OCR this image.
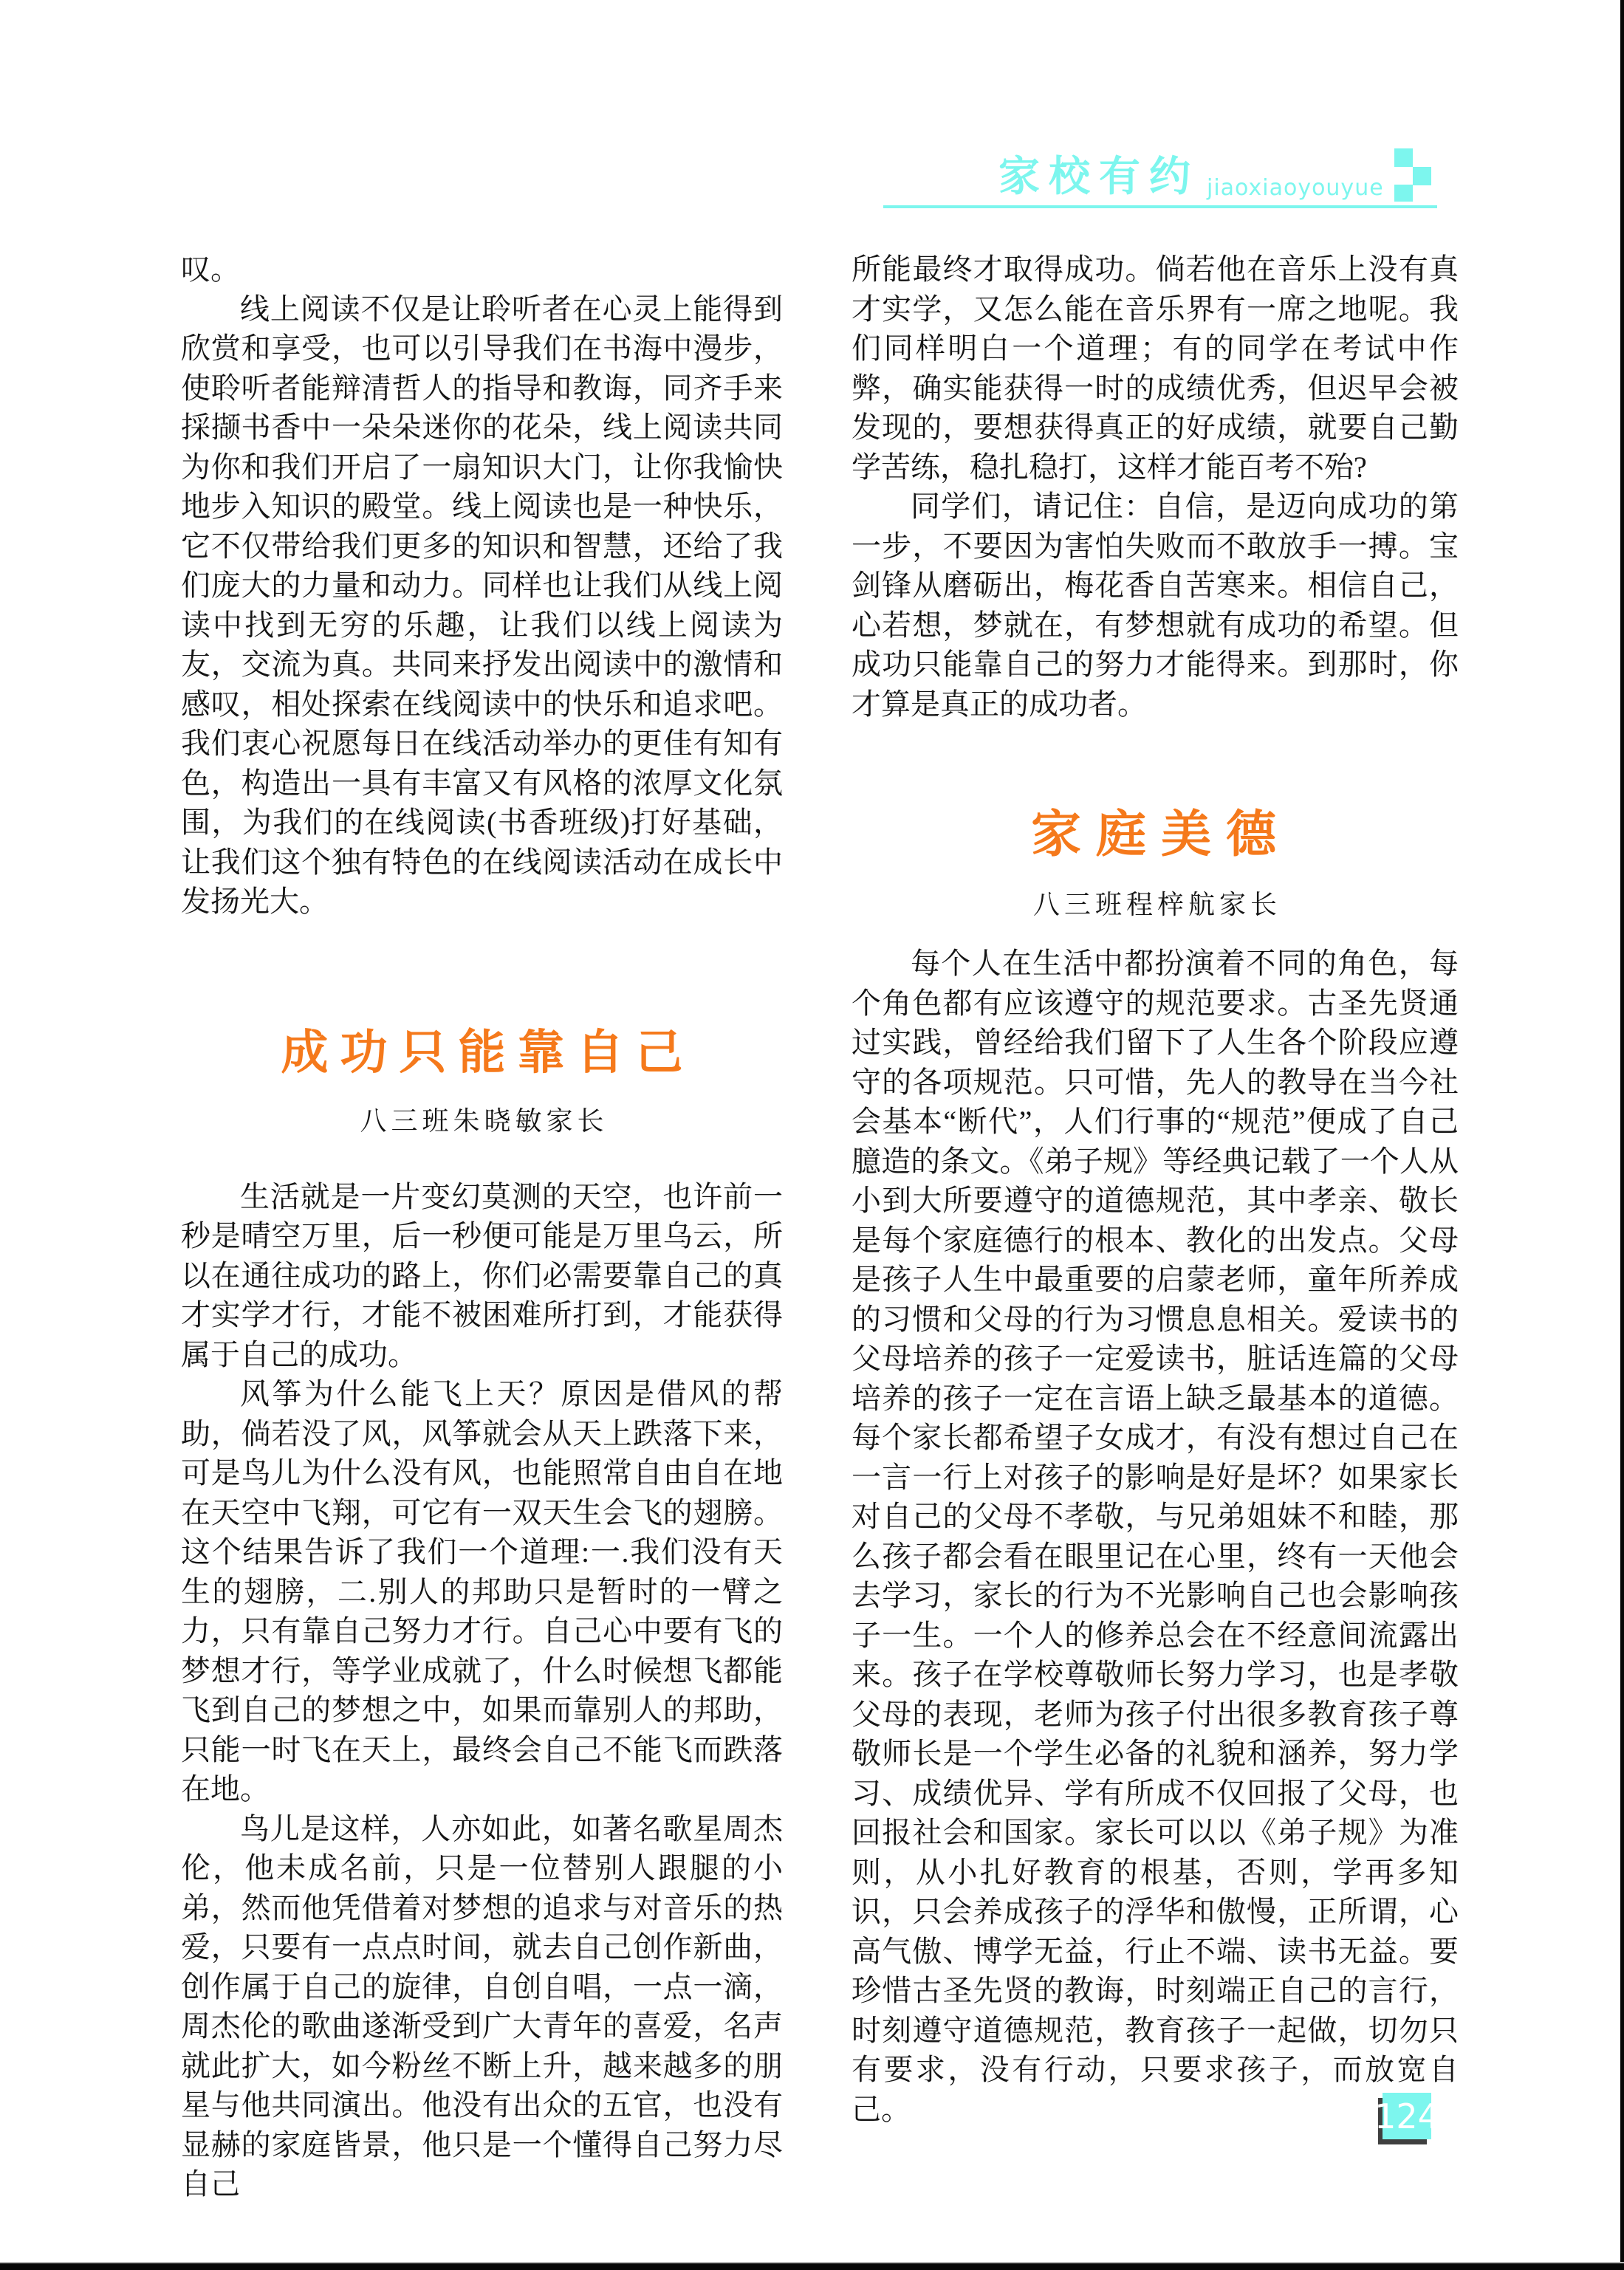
家校有约 jiaoxiaoyouyue

叹。

线上阅读不仅是让聆听者在心灵上能得到欣赏和享受，也可以引导我们在书海中漫步，使聆听者能辩清哲人的指导和教诲，同齐手来採撷书香中一朵朵迷你的花朵，线上阅读共同为你和我们开启了一扇知识大门，让你我愉快地步入知识的殿堂。线上阅读也是一种快乐，它不仅带给我们更多的知识和智慧，还给了我们庞大的力量和动力。同样也让我们从线上阅读中找到无穷的乐趣，让我们以线上阅读为友，交流为真。共同来抒发出阅读中的激情和感叹，相处探索在线阅读中的快乐和追求吧。我们衷心祝愿每日在线活动举办的更佳有知有色，构造出一具有丰富又有风格的浓厚文化氛围，为我们的在线阅读(书香班级)打好基础，让我们这个独有特色的在线阅读活动在成长中发扬光大。

成功只能靠自己
八三班朱晓敏家长

生活就是一片变幻莫测的天空，也许前一秒是晴空万里，后一秒便可能是万里乌云，所以在通往成功的路上，你们必需要靠自己的真才实学才行，才能不被困难所打到，才能获得属于自己的成功。

风筝为什么能飞上天？原因是借风的帮助，倘若没了风，风筝就会从天上跌落下来，可是鸟儿为什么没有风，也能照常自由自在地在天空中飞翔，可它有一双天生会飞的翅膀。这个结果告诉了我们一个道理:一.我们没有天生的翅膀，二.别人的邦助只是暂时的一臂之力，只有靠自己努力才行。自己心中要有飞的梦想才行，等学业成就了，什么时候想飞都能飞到自己的梦想之中，如果而靠别人的邦助，只能一时飞在天上，最终会自己不能飞而跌落在地。

鸟儿是这样，人亦如此，如著名歌星周杰伦，他未成名前，只是一位替别人跟腿的小弟，然而他凭借着对梦想的追求与对音乐的热爱，只要有一点点时间，就去自己创作新曲，创作属于自己的旋律，自创自唱，一点一滴，周杰伦的歌曲遂渐受到广大青年的喜爱，名声就此扩大，如今粉丝不断上升，越来越多的朋星与他共同演出。他没有出众的五官，也没有显赫的家庭皆景，他只是一个懂得自己努力尽自己

所能最终才取得成功。倘若他在音乐上没有真才实学，又怎么能在音乐界有一席之地呢。我们同样明白一个道理；有的同学在考试中作弊，确实能获得一时的成绩优秀，但迟早会被发现的，要想获得真正的好成绩，就要自己勤学苦练，稳扎稳打，这样才能百考不殆?

同学们，请记住：自信，是迈向成功的第一步，不要因为害怕失败而不敢放手一搏。宝剑锋从磨砺出，梅花香自苦寒来。相信自己，心若想，梦就在，有梦想就有成功的希望。但成功只能靠自己的努力才能得来。到那时，你才算是真正的成功者。

家庭美德
八三班程梓航家长

每个人在生活中都扮演着不同的角色，每个角色都有应该遵守的规范要求。古圣先贤通过实践，曾经给我们留下了人生各个阶段应遵守的各项规范。只可惜，先人的教导在当今社会基本“断代”，人们行事的“规范”便成了自己臆造的条文。《弟子规》等经典记载了一个人从小到大所要遵守的道德规范，其中孝亲、敬长是每个家庭德行的根本、教化的出发点。父母是孩子人生中最重要的启蒙老师，童年所养成的习惯和父母的行为习惯息息相关。爱读书的父母培养的孩子一定爱读书，脏话连篇的父母培养的孩子一定在言语上缺乏最基本的道德。每个家长都希望子女成才，有没有想过自己在一言一行上对孩子的影响是好是坏？如果家长对自己的父母不孝敬，与兄弟姐妹不和睦，那么孩子都会看在眼里记在心里，终有一天他会去学习，家长的行为不光影响自己也会影响孩子一生。一个人的修养总会在不经意间流露出来。孩子在学校尊敬师长努力学习，也是孝敬父母的表现，老师为孩子付出很多教育孩子尊敬师长是一个学生必备的礼貌和涵养，努力学习、成绩优异、学有所成不仅回报了父母，也回报社会和国家。家长可以以《弟子规》为准则，从小扎好教育的根基，否则，学再多知识，只会养成孩子的浮华和傲慢，正所谓，心高气傲、博学无益，行止不端、读书无益。要珍惜古圣先贤的教诲，时刻端正自己的言行，时刻遵守道德规范，教育孩子一起做，切勿只有要求，没有行动，只要求孩子，而放宽自己。	124
